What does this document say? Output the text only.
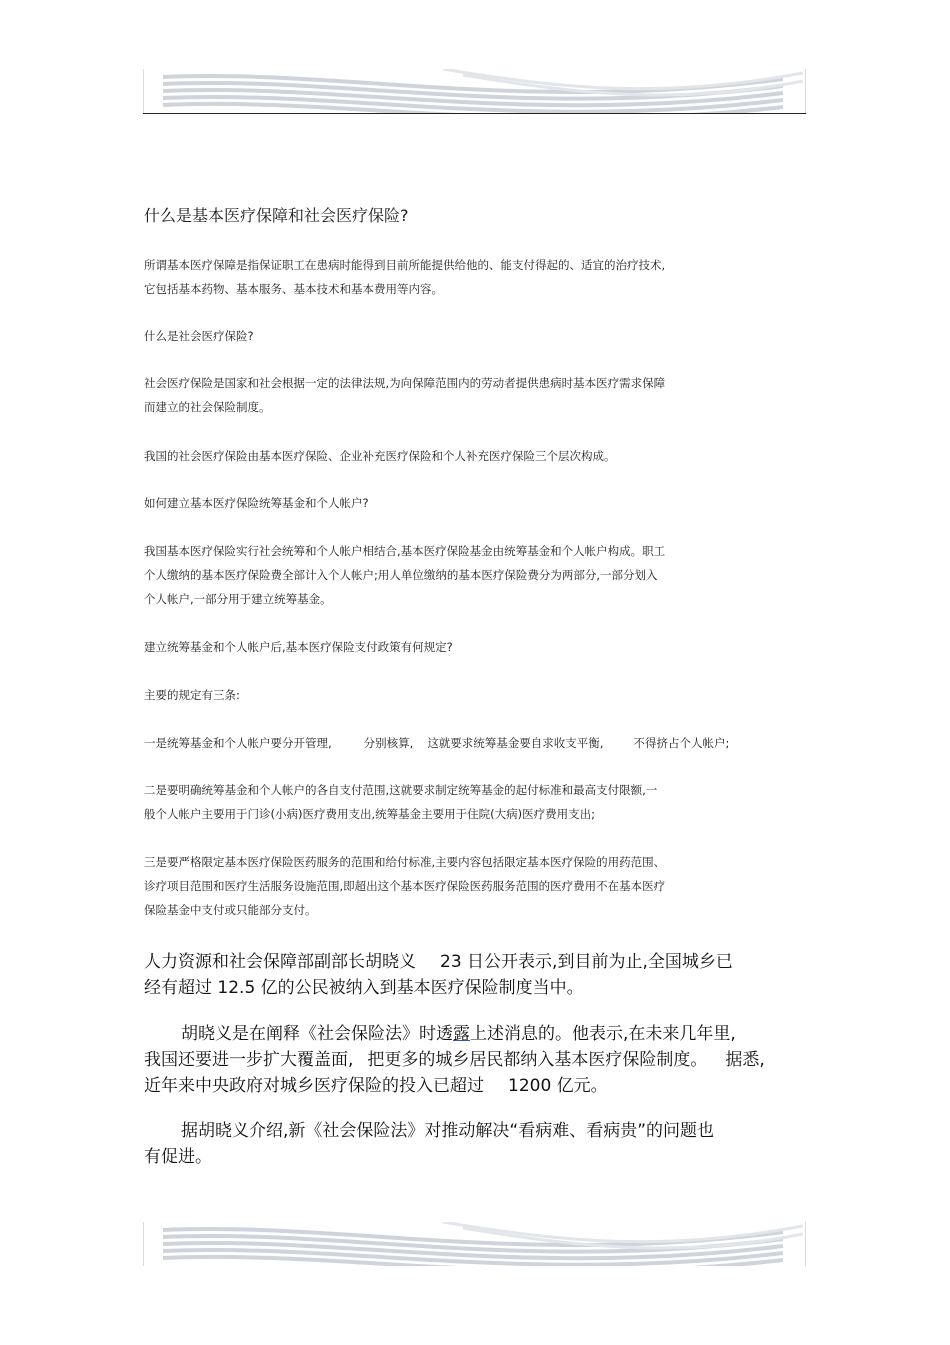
什么是基本医疗保障和社会医疗保险?
所谓基本医疗保障是指保证职工在患病时能得到目前所能提供给他的、能支付得起的、适宜的治疗技术,
它包括基本药物、基本服务、基本技术和基本费用等内容。
什么是社会医疗保险?
社会医疗保险是国家和社会根据一定的法律法规,为向保障范围内的劳动者提供患病时基本医疗需求保障
而建立的社会保险制度。
我国的社会医疗保险由基本医疗保险、企业补充医疗保险和个人补充医疗保险三个层次构成。
如何建立基本医疗保险统筹基金和个人帐户?
我国基本医疗保险实行社会统筹和个人帐户相结合,基本医疗保险基金由统筹基金和个人帐户构成。职工
个人缴纳的基本医疗保险费全部计入个人帐户;用人单位缴纳的基本医疗保险费分为两部分,一部分划入
个人帐户,一部分用于建立统筹基金。
建立统筹基金和个人帐户后,基本医疗保险支付政策有何规定?
主要的规定有三条:
一是统筹基金和个人帐户要分开管理,	分别核算, 这就要求统筹基金要自求收支平衡,	不得挤占个人帐户;
二是要明确统筹基金和个人帐户的各自支付范围,这就要求制定统筹基金的起付标准和最高支付限额,一
般个人帐户主要用于门诊(小病)医疗费用支出,统筹基金主要用于住院(大病)医疗费用支出;
三是要严格限定基本医疗保险医药服务的范围和给付标准,主要内容包括限定基本医疗保险的用药范围、
诊疗项目范围和医疗生活服务设施范围,即超出这个基本医疗保险医药服务范围的医疗费用不在基本医疗
保险基金中支付或只能部分支付。
人力资源和社会保障部副部长胡晓义 23 日公开表示,到目前为止,全国城乡已
经有超过 12.5 亿的公民被纳入到基本医疗保险制度当中。
胡晓义是在阐释《社会保险法》时透露上述消息的。他表示,在未来几年里,
我国还要进一步扩大覆盖面, 把更多的城乡居民都纳入基本医疗保险制度。 据悉,
近年来中央政府对城乡医疗保险的投入已超过 1200 亿元。
据胡晓义介绍,新《社会保险法》对推动解决“看病难、看病贵”的问题也
有促进。
